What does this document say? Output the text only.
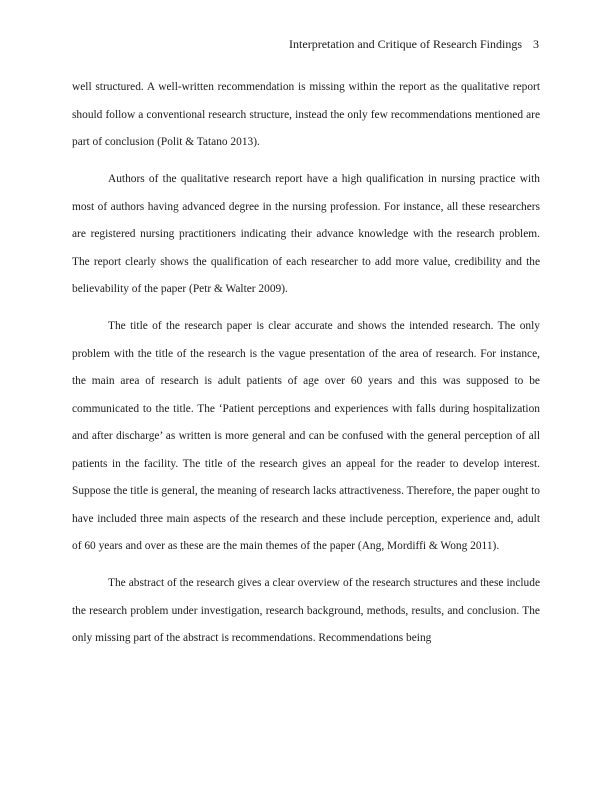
Interpretation and Critique of Research Findings 3

well structured. A well-written recommendation is missing within the report as the qualitative report should follow a conventional research structure, instead the only few recommendations mentioned are part of conclusion (Polit & Tatano 2013).

Authors of the qualitative research report have a high qualification in nursing practice with most of authors having advanced degree in the nursing profession. For instance, all these researchers are registered nursing practitioners indicating their advance knowledge with the research problem. The report clearly shows the qualification of each researcher to add more value, credibility and the believability of the paper (Petr & Walter 2009).

The title of the research paper is clear accurate and shows the intended research. The only problem with the title of the research is the vague presentation of the area of research. For instance, the main area of research is adult patients of age over 60 years and this was supposed to be communicated to the title. The ‘Patient perceptions and experiences with falls during hospitalization and after discharge’ as written is more general and can be confused with the general perception of all patients in the facility. The title of the research gives an appeal for the reader to develop interest. Suppose the title is general, the meaning of research lacks attractiveness. Therefore, the paper ought to have included three main aspects of the research and these include perception, experience and, adult of 60 years and over as these are the main themes of the paper (Ang, Mordiffi & Wong 2011).

The abstract of the research gives a clear overview of the research structures and these include the research problem under investigation, research background, methods, results, and conclusion. The only missing part of the abstract is recommendations. Recommendations being
